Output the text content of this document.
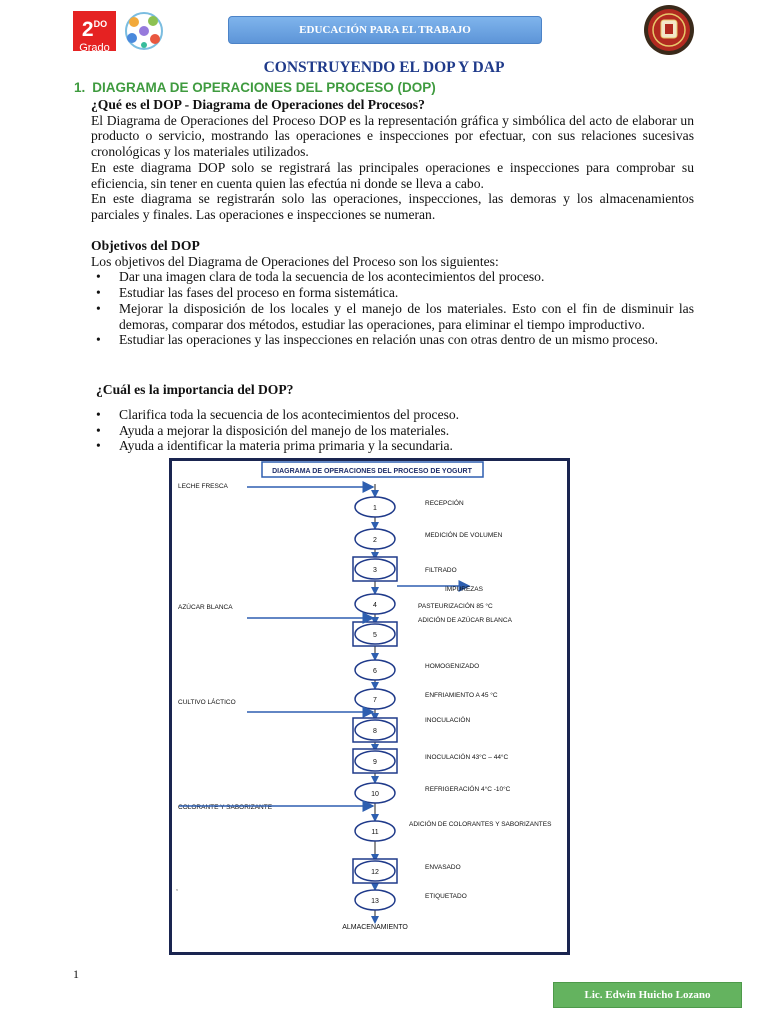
$2^{DO}$
Grado
EDUCACIÓN PARA EL TRABAJO
CONSTRUYENDO EL DOP Y DAP
1. DIAGRAMA DE OPERACIONES DEL PROCESO (DOP)

¿Qué es el DOP - Diagrama de Operaciones del Procesos?

El Diagrama de Operaciones del Proceso DOP es la representación gráfica y simbólica del acto de elaborar un producto o servicio, mostrando las operaciones e inspecciones por efectuar, con sus relaciones sucesivas cronológicas y los materiales utilizados.

En este diagrama DOP solo se registrará las principales operaciones e inspecciones para comprobar su eficiencia, sin tener en cuenta quien las efectúa ni donde se lleva a cabo.

En este diagrama se registrarán solo las operaciones, inspecciones, las demoras y los almacenamientos parciales y finales. Las operaciones e inspecciones se numeran.

Objetivos del DOP

Los objetivos del Diagrama de Operaciones del Proceso son los siguientes:

• Dar una imagen clara de toda la secuencia de los acontecimientos del proceso.

• Estudiar las fases del proceso en forma sistemática.

• Mejorar la disposición de los locales y el manejo de los materiales. Esto con el fin de disminuir las demoras, comparar dos métodos, estudiar las operaciones, para eliminar el tiempo improductivo.

• Estudiar las operaciones y las inspecciones en relación unas con otras dentro de un mismo proceso.

¿Cuál es la importancia del DOP?

• Clarifica toda la secuencia de los acontecimientos del proceso.

• Ayuda a mejorar la disposición del manejo de los materiales.

• Ayuda a identificar la materia prima primaria y la secundaria.

DIAGRAMA DE OPERACIONES DEL PROCESO DE YOGURT
1
RECEPCIÓN
2
MEDICIÓN DE VOLUMEN
3	FILTRADO
4	PASTEURIZACIÓN 85 °C
5
ADICIÓN DE AZÚCAR BLANCA
6
HOMOGENIZADO
7
ENFRIAMIENTO A 45 °C
8
INOCULACIÓN
9
INOCULACIÓN 43°C – 44°C
10
REFRIGERACIÓN 4°C -10°C
11
ADICIÓN DE COLORANTES Y SABORIZANTES
12
ENVASADO
13
ETIQUETADO
IMPUREZAS
LECHE FRESCA
AZÚCAR BLANCA
CULTIVO LÁCTICO
COLORANTE Y SABORIZANTE
ALMACENAMIENTO
,
1
Lic. Edwin Huicho Lozano
